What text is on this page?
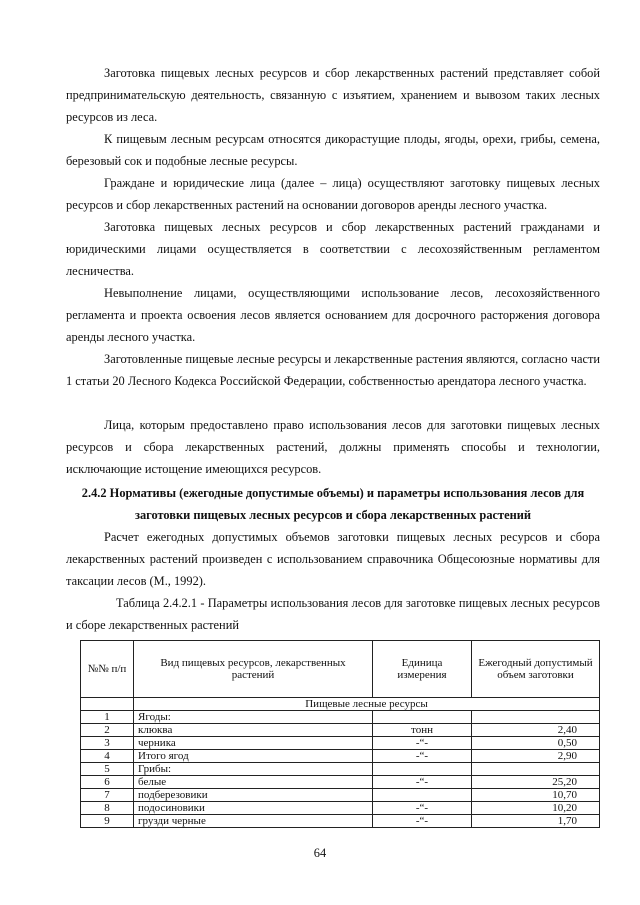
Заготовка пищевых лесных ресурсов и сбор лекарственных растений представляет собой предпринимательскую деятельность, связанную с изъятием, хранением и вывозом таких лесных ресурсов из леса.

К пищевым лесным ресурсам относятся дикорастущие плоды, ягоды, орехи, грибы, семена, березовый сок и подобные лесные ресурсы.

Граждане и юридические лица (далее – лица) осуществляют заготовку пищевых лесных ресурсов и сбор лекарственных растений на основании договоров аренды лесного участка.

Заготовка пищевых лесных ресурсов и сбор лекарственных растений гражданами и юридическими лицами осуществляется в соответствии с лесохозяйственным регламентом лесничества.

Невыполнение лицами, осуществляющими использование лесов, лесохозяйственного регламента и проекта освоения лесов является основанием для досрочного расторжения договора аренды лесного участка.

Заготовленные пищевые лесные ресурсы и лекарственные растения являются, согласно части 1 статьи 20 Лесного Кодекса Российской Федерации, собственностью арендатора лесного участка.

Лица, которым предоставлено право использования лесов для заготовки пищевых лесных ресурсов и сбора лекарственных растений, должны применять способы и технологии, исключающие истощение имеющихся ресурсов.

2.4.2 Нормативы (ежегодные допустимые объемы) и параметры использования лесов для заготовки пищевых лесных ресурсов и сбора лекарственных растений

Расчет ежегодных допустимых объемов заготовки пищевых лесных ресурсов и сбора лекарственных растений произведен с использованием справочника Общесоюзные нормативы для таксации лесов (М., 1992).

Таблица 2.4.2.1 - Параметры использования лесов для заготовке пищевых лесных ресурсов и сборе лекарственных растений

№№ п/п	Вид пищевых ресурсов, лекарственных растений	Единица измерения	Ежегодный допустимый объем заготовки
	Пищевые лесные ресурсы		
1	Ягоды:		
2	клюква	тонн	2,40
3	черника	-“-	0,50
4	Итого ягод	-“-	2,90
5	Грибы:		
6	белые	-“-	25,20
7	подберезовики		10,70
8	подосиновики	-“-	10,20
9	грузди черные	-“-	1,70
64
